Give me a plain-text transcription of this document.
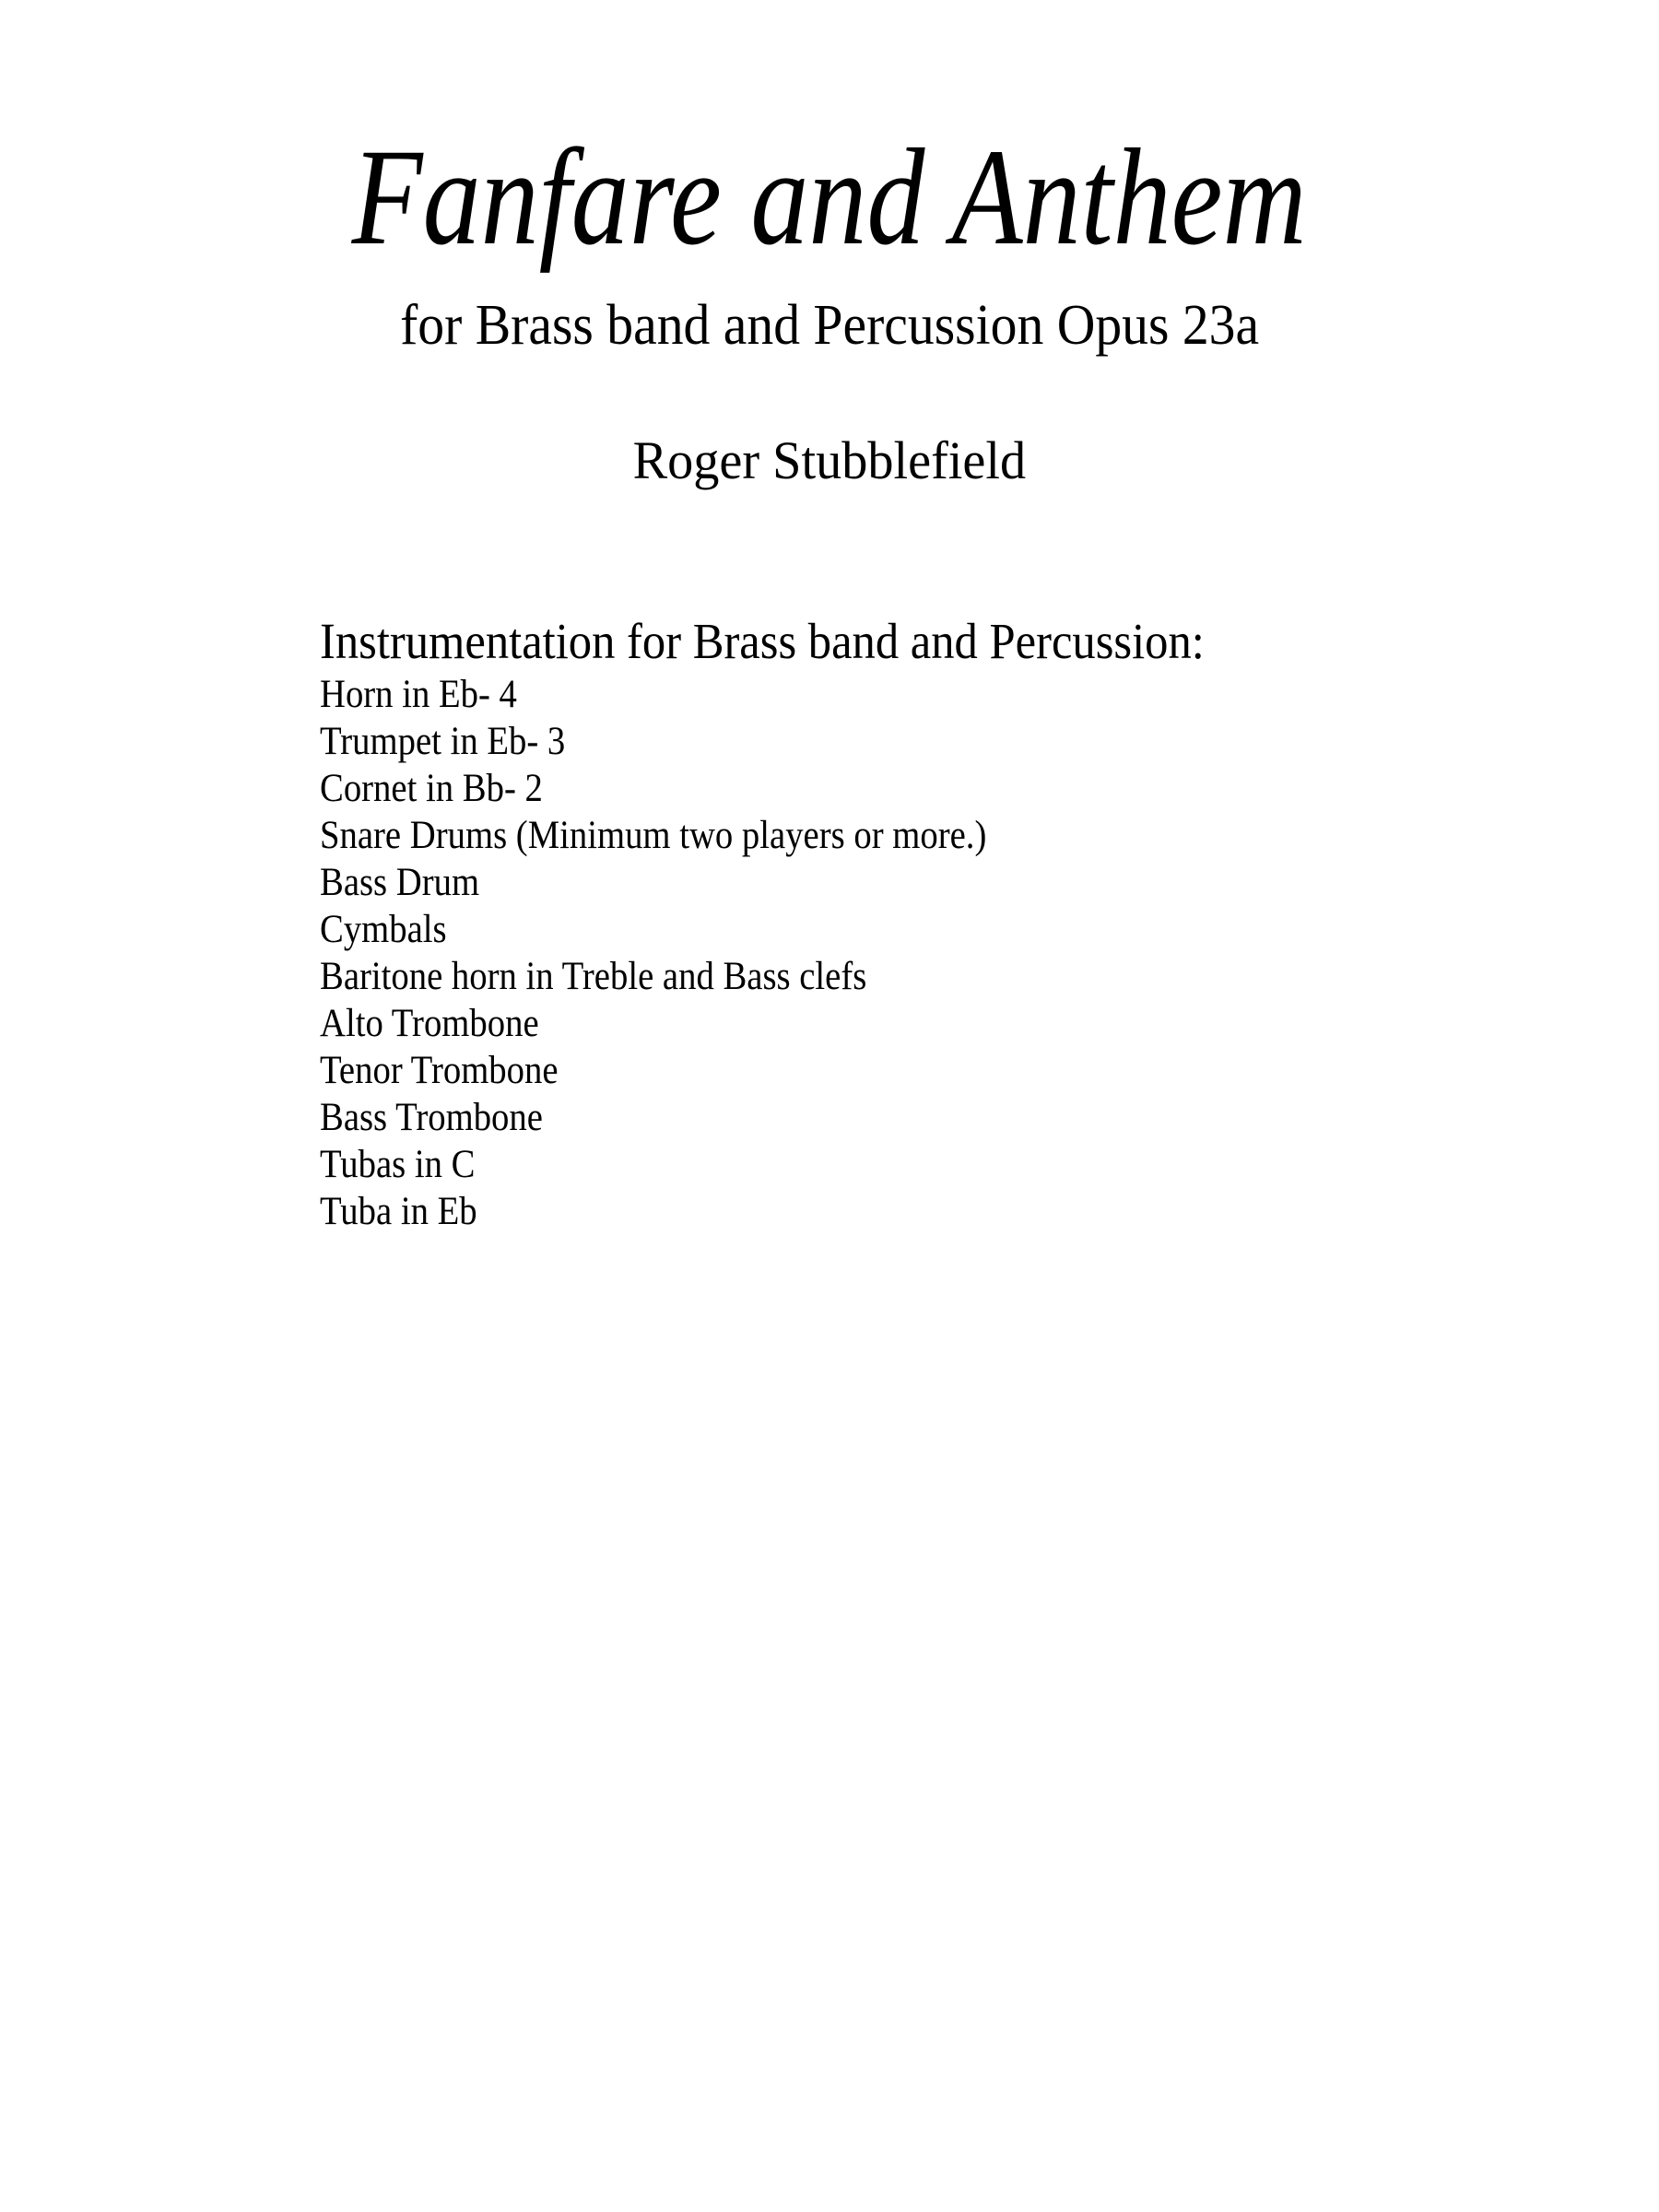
Fanfare and Anthem
for Brass band and Percussion Opus 23a
Roger Stubblefield
Instrumentation for Brass band and Percussion:
Horn in Eb- 4
Trumpet in Eb- 3
Cornet in Bb- 2
Snare Drums (Minimum two players or more.)
Bass Drum
Cymbals
Baritone horn in Treble and Bass clefs
Alto Trombone
Tenor Trombone
Bass Trombone
Tubas in C
Tuba in Eb
